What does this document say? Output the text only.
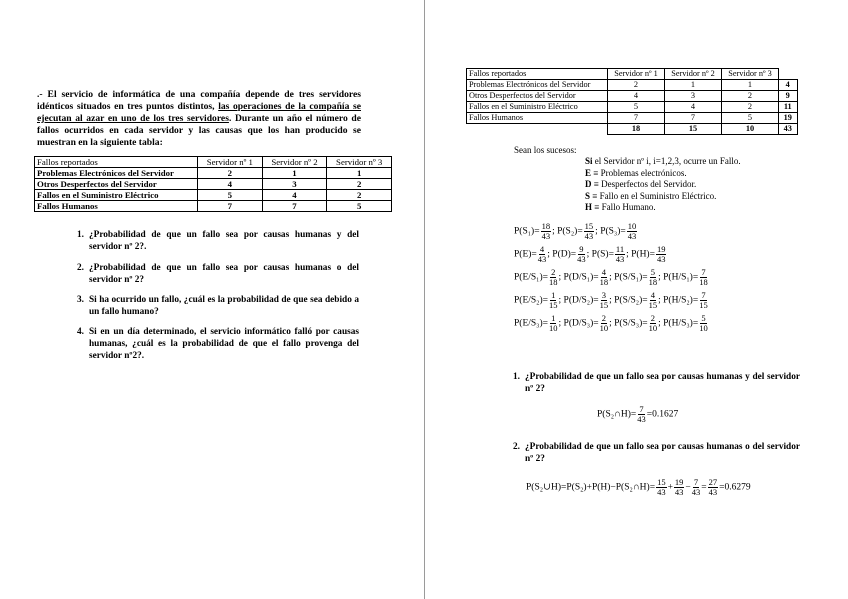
.- El servicio de informática de una compañía depende de tres servidores idénticos situados en tres puntos distintos, las operaciones de la compañía se ejecutan al azar en uno de los tres servidores. Durante un año el número de fallos ocurridos en cada servidor y las causas que los han producido se muestran en la siguiente tabla:
Fallos reportados	Servidor nº 1	Servidor nº 2	Servidor nº 3
Problemas Electrónicos del Servidor	2	1	1
Otros Desperfectos del Servidor	4	3	2
Fallos en el Suministro Eléctrico	5	4	2
Fallos Humanos	7	7	5
1. ¿Probabilidad de que un fallo sea por causas humanas y del servidor nº 2?.
2. ¿Probabilidad de que un fallo sea por causas humanas o del servidor nº 2?
3. Si ha ocurrido un fallo, ¿cuál es la probabilidad de que sea debido a un fallo humano?
4. Si en un día determinado, el servicio informático falló por causas humanas, ¿cuál es la probabilidad de que el fallo provenga del servidor nº2?.
Fallos reportados	Servidor nº 1	Servidor nº 2	Servidor nº 3	
Problemas Electrónicos del Servidor	2	1	1	4
Otros Desperfectos del Servidor	4	3	2	9
Fallos en el Suministro Eléctrico	5	4	2	11
Fallos Humanos	7	7	5	19
	18	15	10	43
Sean los sucesos:
Si el Servidor nº i, i=1,2,3, ocurre un Fallo.
E ≡ Problemas electrónicos.
D ≡ Desperfectos del Servidor.
S ≡ Fallo en el Suministro Eléctrico.
H ≡ Fallo Humano.
$P(S_1)= \frac{18}{43}$ ; $P(S_2)= \frac{15}{43}$ ; $P(S_3)= \frac{10}{43}$
$P(E)= \frac{4}{43}$ ; $P(D)= \frac{9}{43}$ ; $P(S)= \frac{11}{43}$ ; $P(H)= \frac{19}{43}$
$P(E/S_1)= \frac{2}{18}$ ; $P(D/S_1)= \frac{4}{18}$ ; $P(S/S_1)= \frac{5}{18}$ ; $P(H/S_1)= \frac{7}{18}$
$P(E/S_2)= \frac{1}{15}$ ; $P(D/S_2)= \frac{3}{15}$ ; $P(S/S_2)= \frac{4}{15}$ ; $P(H/S_2)= \frac{7}{15}$
$P(E/S_3)= \frac{1}{10}$ ; $P(D/S_3)= \frac{2}{10}$ ; $P(S/S_3)= \frac{2}{10}$ ; $P(H/S_3)= \frac{5}{10}$
1. ¿Probabilidad de que un fallo sea por causas humanas y del servidor nº 2?
P(S₂∩H)= $\frac{7}{43} =0.1627$
2. ¿Probabilidad de que un fallo sea por causas humanas o del servidor nº 2?
P(S₂∪H)=P(S₂)+P(H)−P(S₂∩H)= $\frac{15}{43} + \frac{19}{43} - \frac{7}{43} = \frac{27}{43} =0.6279$
